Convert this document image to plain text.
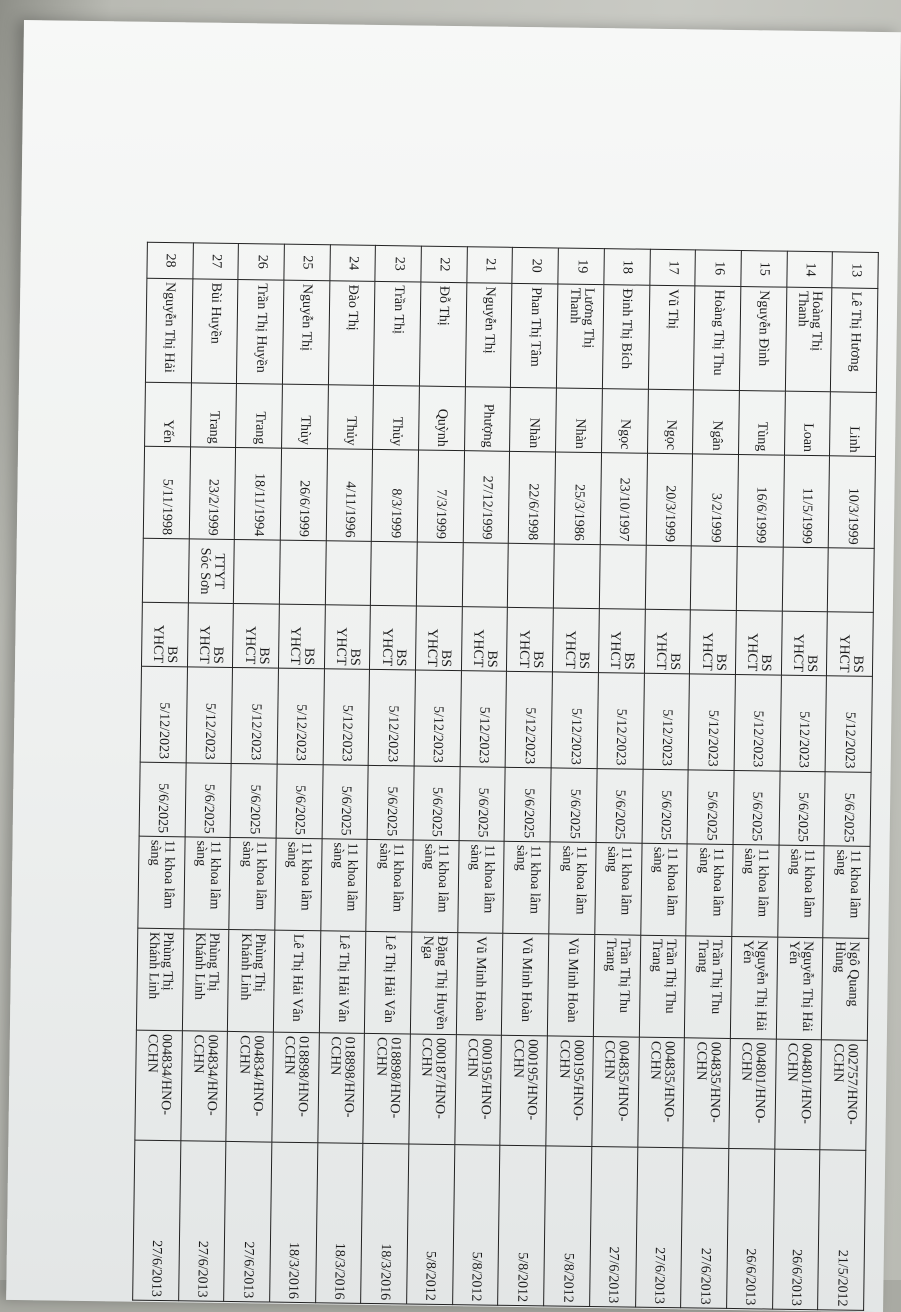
13	Lê Thị Hương	Linh	10/3/1999		BS YHCT	5/12/2023	5/6/2025	11 khoa lâm sàng	Ngô Quang Hùng	002757/HNO-CCHN	21/5/2012
14	Hoàng Thị Thanh	Loan	11/5/1999		BS YHCT	5/12/2023	5/6/2025	11 khoa lâm sàng	Nguyễn Thị Hải Yến	004801/HNO-CCHN	26/6/2013
15	Nguyễn Đình	Tùng	16/6/1999		BS YHCT	5/12/2023	5/6/2025	11 khoa lâm sàng	Nguyễn Thị Hải Yến	004801/HNO-CCHN	26/6/2013
16	Hoàng Thị Thu	Ngân	3/2/1999		BS YHCT	5/12/2023	5/6/2025	11 khoa lâm sàng	Trần Thị Thu Trang	004835/HNO-CCHN	27/6/2013
17	Vũ Thị	Ngọc	20/3/1999		BS YHCT	5/12/2023	5/6/2025	11 khoa lâm sàng	Trần Thị Thu Trang	004835/HNO-CCHN	27/6/2013
18	Đinh Thị Bích	Ngọc	23/10/1997		BS YHCT	5/12/2023	5/6/2025	11 khoa lâm sàng	Trần Thị Thu Trang	004835/HNO-CCHN	27/6/2013
19	Lương Thị Thanh	Nhàn	25/3/1986		BS YHCT	5/12/2023	5/6/2025	11 khoa lâm sàng	Vũ Minh Hoàn	000195/HNO-CCHN	5/8/2012
20	Phan Thị Tâm	Nhàn	22/6/1998		BS YHCT	5/12/2023	5/6/2025	11 khoa lâm sàng	Vũ Minh Hoàn	000195/HNO-CCHN	5/8/2012
21	Nguyễn Thị	Phượng	27/12/1999		BS YHCT	5/12/2023	5/6/2025	11 khoa lâm sàng	Vũ Minh Hoàn	000195/HNO-CCHN	5/8/2012
22	Đỗ Thị	Quỳnh	7/3/1999		BS YHCT	5/12/2023	5/6/2025	11 khoa lâm sàng	Đặng Thị Huyền Nga	000187/HNO-CCHN	5/8/2012
23	Trần Thị	Thủy	8/3/1999		BS YHCT	5/12/2023	5/6/2025	11 khoa lâm sàng	Lê Thị Hải Vân	018898/HNO-CCHN	18/3/2016
24	Đào Thị	Thủy	4/11/1996		BS YHCT	5/12/2023	5/6/2025	11 khoa lâm sàng	Lê Thị Hải Vân	018898/HNO-CCHN	18/3/2016
25	Nguyễn Thị	Thùy	26/6/1999		BS YHCT	5/12/2023	5/6/2025	11 khoa lâm sàng	Lê Thị Hải Vân	018898/HNO-CCHN	18/3/2016
26	Trần Thị Huyền	Trang	18/11/1994		BS YHCT	5/12/2023	5/6/2025	11 khoa lâm sàng	Phùng Thị Khánh Linh	004834/HNO-CCHN	27/6/2013
27	Bùi Huyền	Trang	23/2/1999	TTYT Sóc Sơn	BS YHCT	5/12/2023	5/6/2025	11 khoa lâm sàng	Phùng Thị Khánh Linh	004834/HNO-CCHN	27/6/2013
28	Nguyễn Thị Hải	Yến	5/11/1998		BS YHCT	5/12/2023	5/6/2025	11 khoa lâm sàng	Phùng Thị Khánh Linh	004834/HNO-CCHN	27/6/2013
